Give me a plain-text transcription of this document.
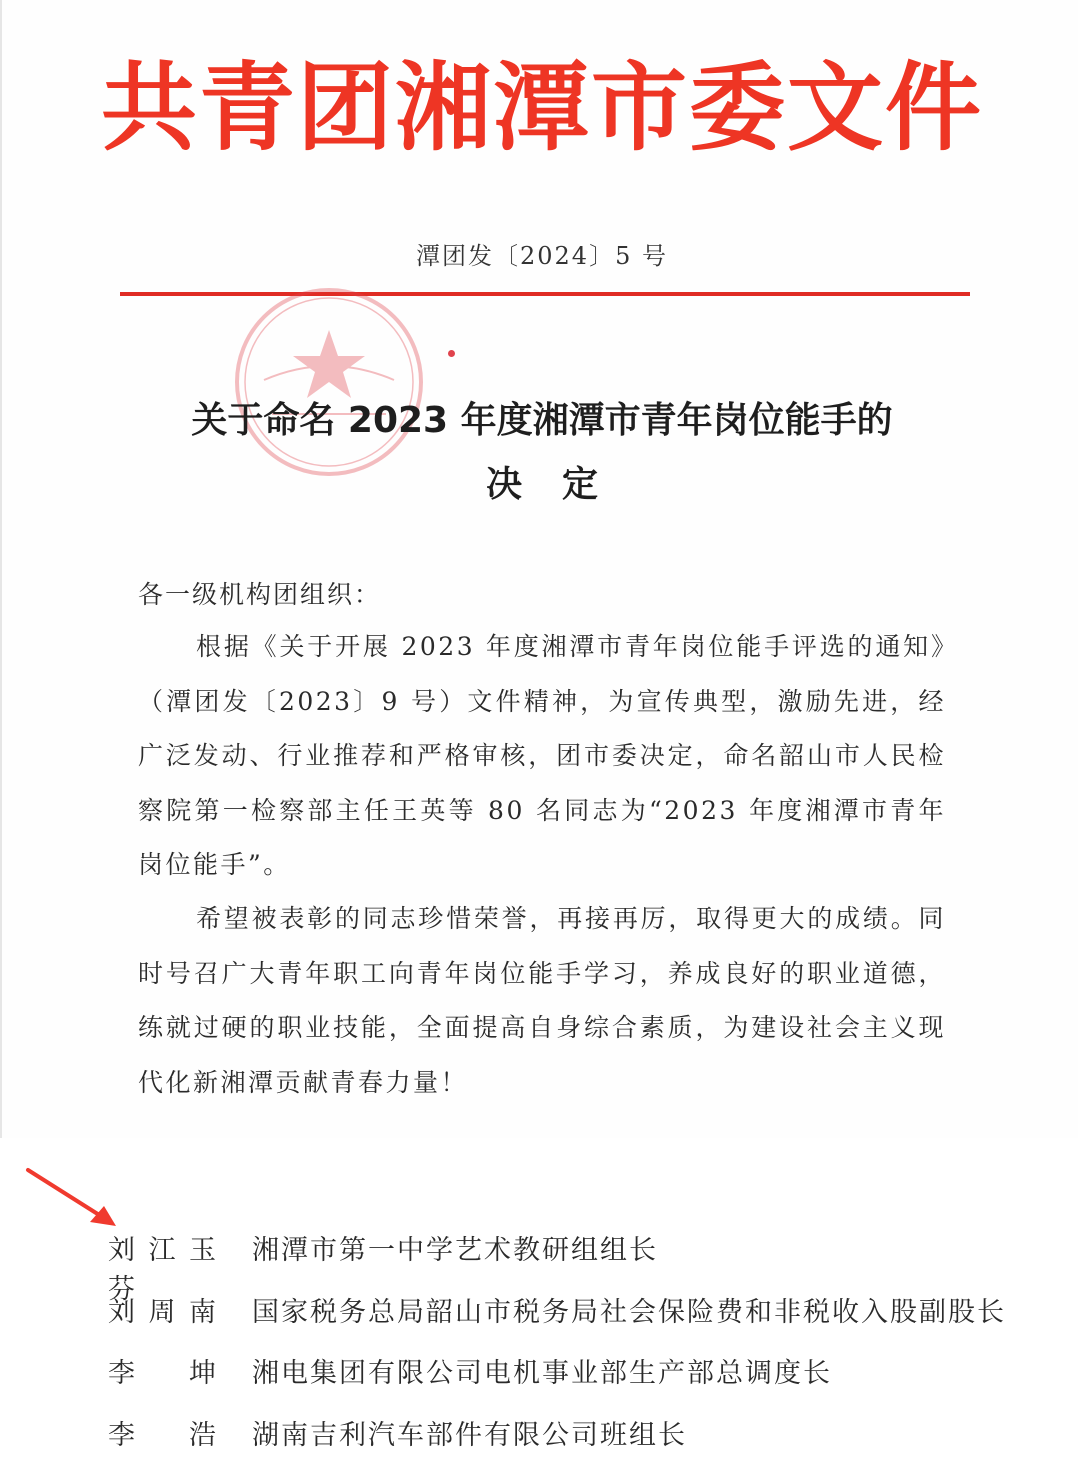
共青团湘潭市委文件
潭团发〔2024〕5 号
关于命名 2023 年度湘潭市青年岗位能手的
决定
各一级机构团组织：

根据《关于开展 2023 年度湘潭市青年岗位能手评选的通知》（潭团发〔2023〕9 号）文件精神，为宣传典型，激励先进，经广泛发动、行业推荐和严格审核，团市委决定，命名韶山市人民检察院第一检察部主任王英等 80 名同志为“2023 年度湘潭市青年岗位能手”。

希望被表彰的同志珍惜荣誉，再接再厉，取得更大的成绩。同时号召广大青年职工向青年岗位能手学习，养成良好的职业道德，练就过硬的职业技能，全面提高自身综合素质，为建设社会主义现代化新湘潭贡献青春力量！

刘江玉芬
湘潭市第一中学艺术教研组组长
刘周南 国家税务总局韶山市税务局社会保险费和非税收入股副股长
李坤 湘电集团有限公司电机事业部生产部总调度长
李浩 湖南吉利汽车部件有限公司班组长
